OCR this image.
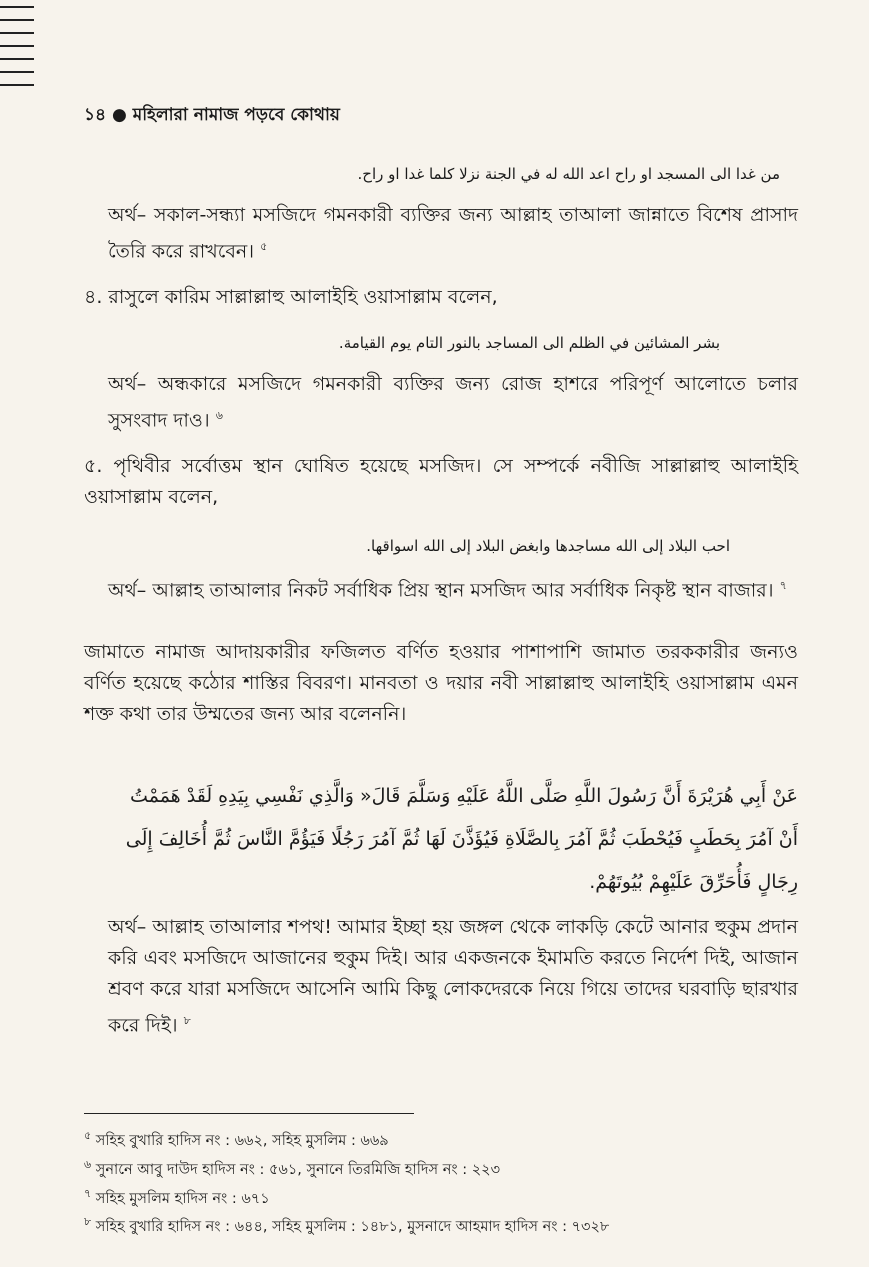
১৪ ● মহিলারা নামাজ পড়বে কোথায়
من غدا الى المسجد او راح اعد الله له في الجنة نزلا كلما غدا او راح.
অর্থ– সকাল-সন্ধ্যা মসজিদে গমনকারী ব্যক্তির জন্য আল্লাহ তাআলা জান্নাতে বিশেষ প্রাসাদ তৈরি করে রাখবেন। $^৫$
৪. রাসুলে কারিম সাল্লাল্লাহু আলাইহি ওয়াসাল্লাম বলেন,
بشر المشائين في الظلم الى المساجد بالنور التام يوم القيامة.
অর্থ– অন্ধকারে মসজিদে গমনকারী ব্যক্তির জন্য রোজ হাশরে পরিপূর্ণ আলোতে চলার সুসংবাদ দাও। $^৬$
৫. পৃথিবীর সর্বোত্তম স্থান ঘোষিত হয়েছে মসজিদ। সে সম্পর্কে নবীজি সাল্লাল্লাহু আলাইহি ওয়াসাল্লাম বলেন,
احب البلاد إلى الله مساجدها وابغض البلاد إلى الله اسواقها.
অর্থ– আল্লাহ তাআলার নিকট সর্বাধিক প্রিয় স্থান মসজিদ আর সর্বাধিক নিকৃষ্ট স্থান বাজার। $^৭$
জামাতে নামাজ আদায়কারীর ফজিলত বর্ণিত হওয়ার পাশাপাশি জামাত তরককারীর জন্যও বর্ণিত হয়েছে কঠোর শাস্তির বিবরণ। মানবতা ও দয়ার নবী সাল্লাল্লাহু আলাইহি ওয়াসাল্লাম এমন শক্ত কথা তার উম্মতের জন্য আর বলেননি।
عَنْ أَبِي هُرَيْرَةَ أَنَّ رَسُولَ اللَّهِ صَلَّى اللَّهُ عَلَيْهِ وَسَلَّمَ قَالَ« وَالَّذِي نَفْسِي بِيَدِهِ لَقَدْ هَمَمْتُ أَنْ آمُرَ بِحَطَبٍ فَيُحْطَبَ ثُمَّ آمُرَ بِالصَّلَاةِ فَيُؤَذَّنَ لَهَا ثُمَّ آمُرَ رَجُلًا فَيَؤُمَّ النَّاسَ ثُمَّ أُخَالِفَ إِلَى رِجَالٍ فَأُحَرِّقَ عَلَيْهِمْ بُيُوتَهُمْ.
অর্থ– আল্লাহ তাআলার শপথ! আমার ইচ্ছা হয় জঙ্গল থেকে লাকড়ি কেটে আনার হুকুম প্রদান করি এবং মসজিদে আজানের হুকুম দিই। আর একজনকে ইমামতি করতে নির্দেশ দিই, আজান শ্রবণ করে যারা মসজিদে আসেনি আমি কিছু লোকদেরকে নিয়ে গিয়ে তাদের ঘরবাড়ি ছারখার করে দিই। $^৮$
$^৫$ সহিহ বুখারি হাদিস নং : ৬৬২, সহিহ মুসলিম : ৬৬৯
$^৬$ সুনানে আবু দাউদ হাদিস নং : ৫৬১, সুনানে তিরমিজি হাদিস নং : ২২৩
$^৭$ সহিহ মুসলিম হাদিস নং : ৬৭১
$^৮$ সহিহ বুখারি হাদিস নং : ৬৪৪, সহিহ মুসলিম : ১৪৮১, মুসনাদে আহমাদ হাদিস নং : ৭৩২৮
